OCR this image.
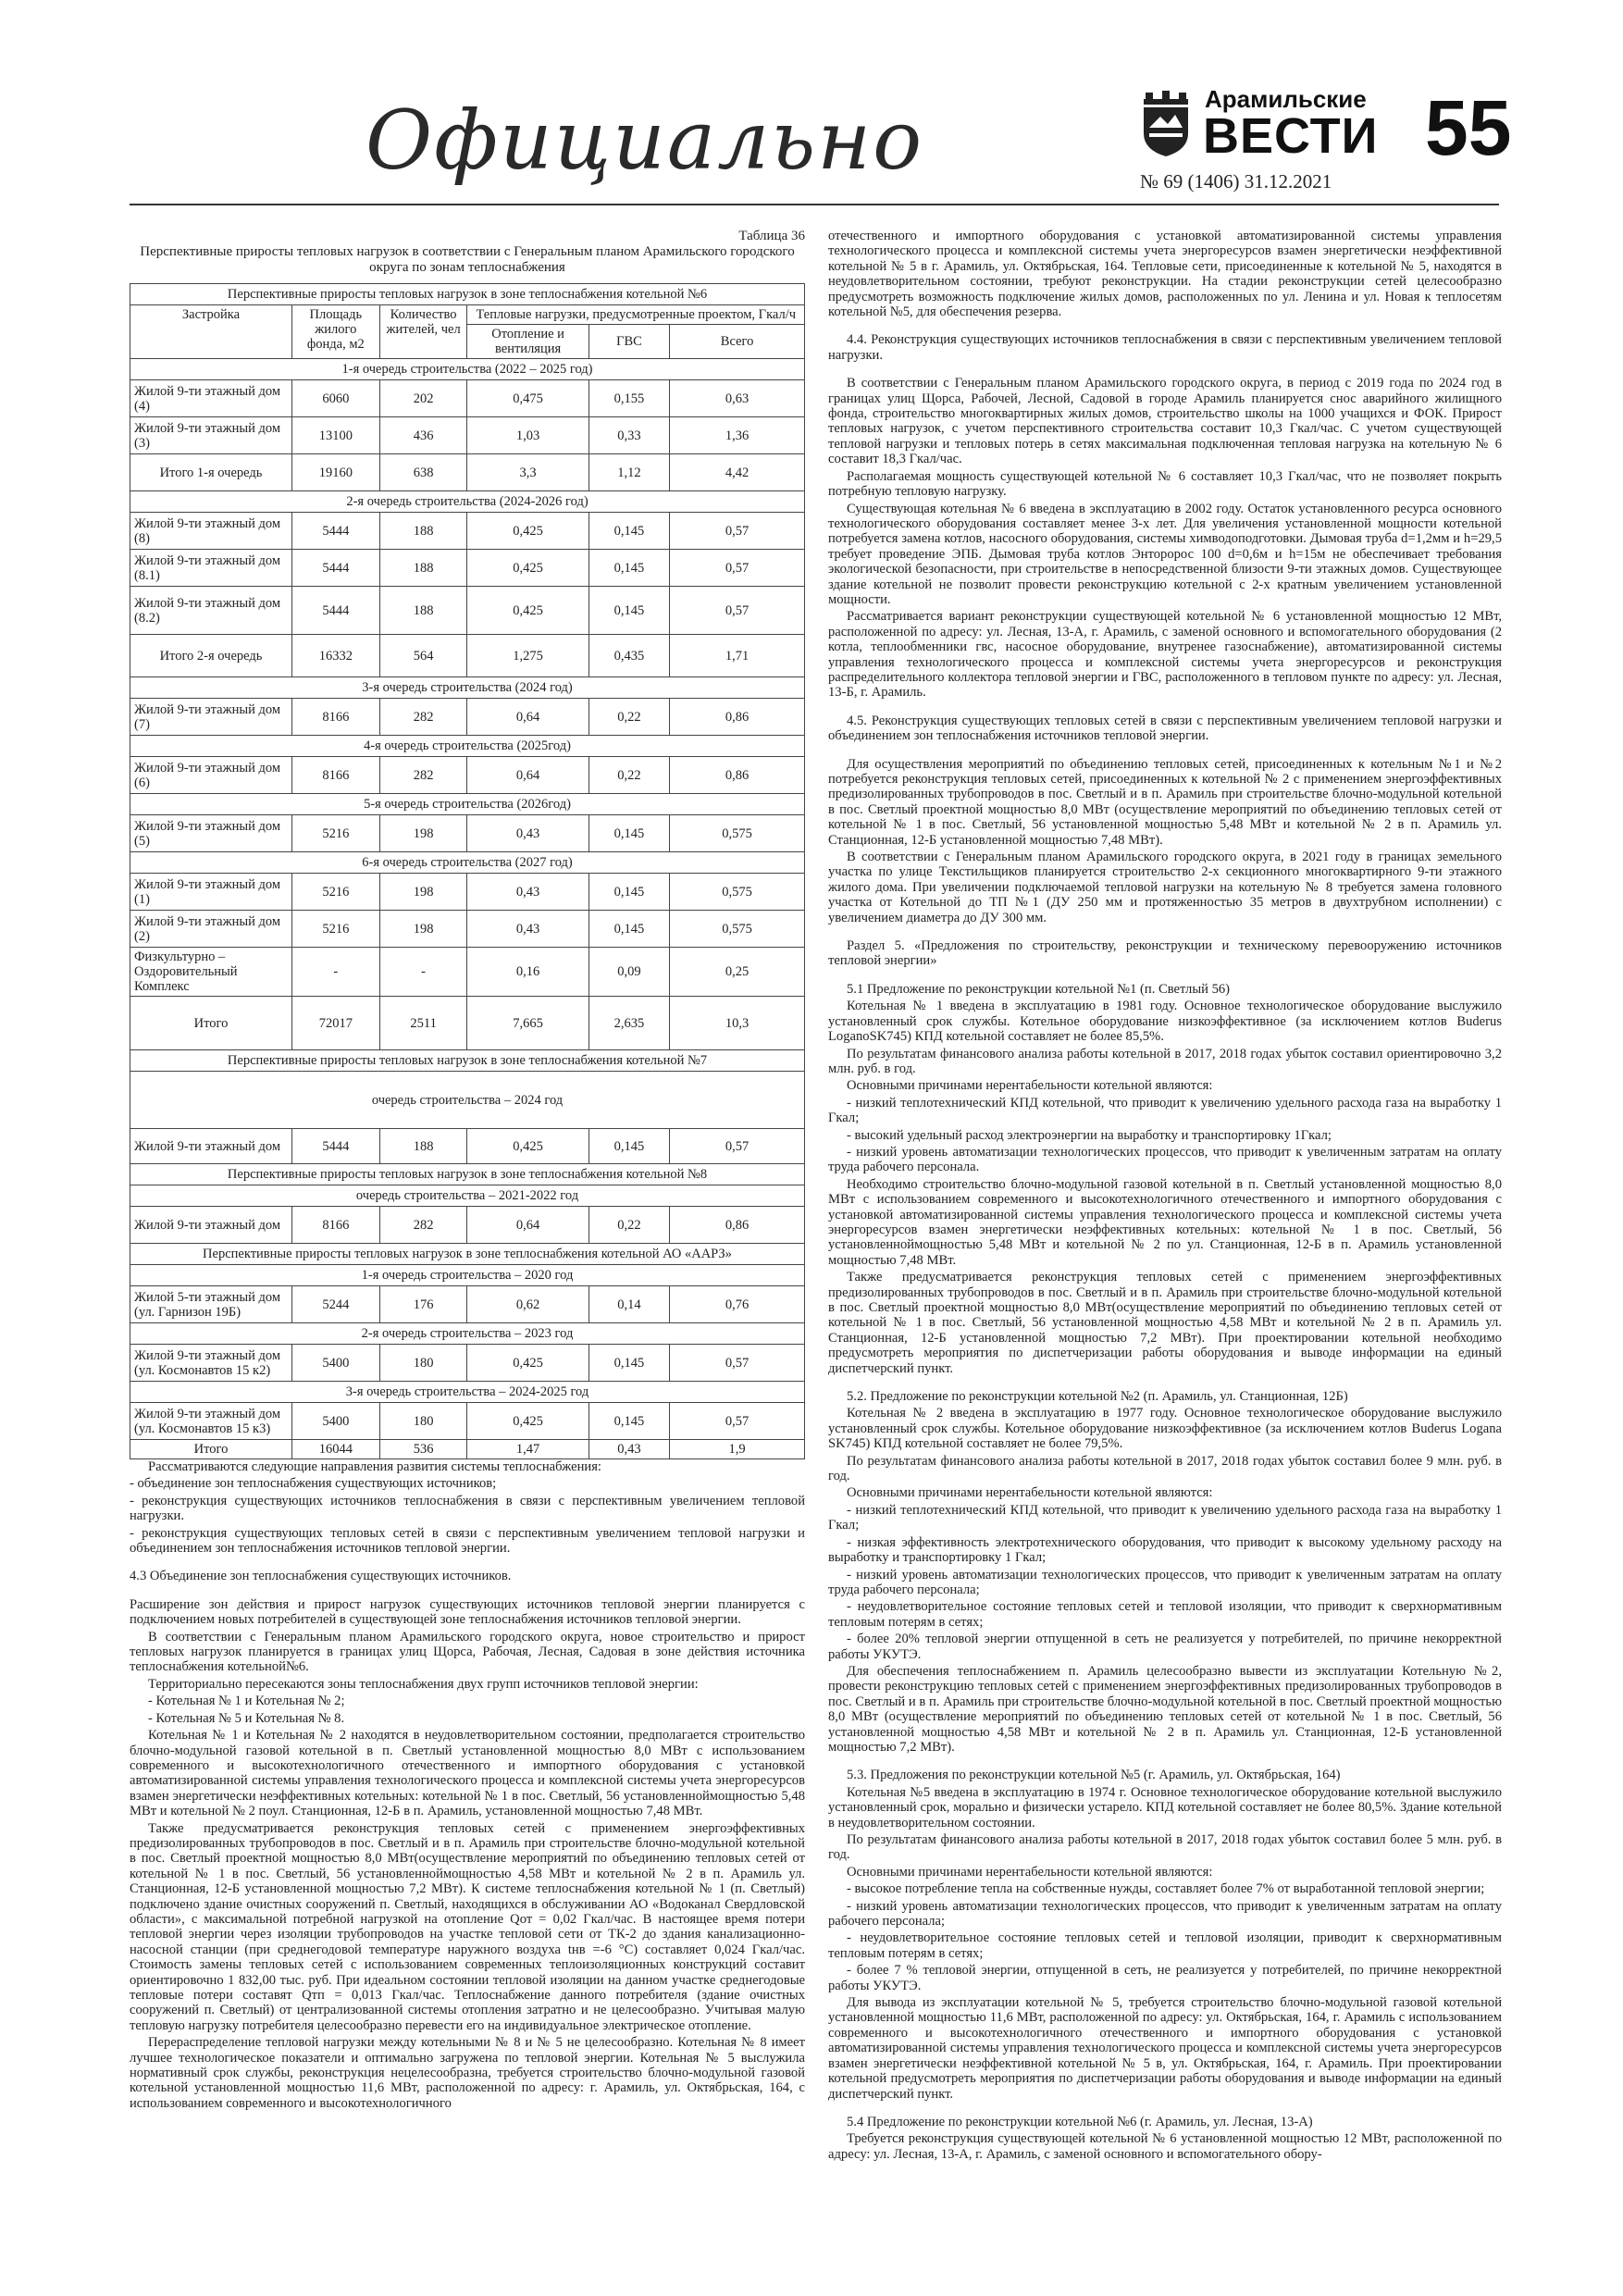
Официально	Арамильские
ВЕСТИ
№ 69 (1406) 31.12.2021
55
Таблица 36
Перспективные приросты тепловых нагрузок в соответствии с Генеральным планом Арамильского городского округа по зонам теплоснабжения
Перспективные приросты тепловых нагрузок в зоне теплоснабжения котельной №6					
Застройка	Площадь жилого фонда, м2	Количество жителей, чел	Тепловые нагрузки, предусмотренные проектом, Гкал/ч		
			Отопление и вентиляция	ГВС	Всего
1-я очередь строительства (2022 – 2025 год)					
Жилой 9-ти этажный дом (4)	6060	202	0,475	0,155	0,63
Жилой 9-ти этажный дом (3)	13100	436	1,03	0,33	1,36
Итого 1-я очередь	19160	638	3,3	1,12	4,42
2-я очередь строительства (2024-2026 год)					
Жилой 9-ти этажный дом (8)	5444	188	0,425	0,145	0,57
Жилой 9-ти этажный дом (8.1)	5444	188	0,425	0,145	0,57
Жилой 9-ти этажный дом (8.2)	5444	188	0,425	0,145	0,57
Итого 2-я очередь	16332	564	1,275	0,435	1,71
3-я очередь строительства (2024 год)					
Жилой 9-ти этажный дом (7)	8166	282	0,64	0,22	0,86
4-я очередь строительства (2025год)					
Жилой 9-ти этажный дом (6)	8166	282	0,64	0,22	0,86
5-я очередь строительства (2026год)					
Жилой 9-ти этажный дом (5)	5216	198	0,43	0,145	0,575
6-я очередь строительства (2027 год)					
Жилой 9-ти этажный дом (1)	5216	198	0,43	0,145	0,575
Жилой 9-ти этажный дом (2)	5216	198	0,43	0,145	0,575
Физкультурно – Оздоровительный Комплекс	-	-	0,16	0,09	0,25
Итого	72017	2511	7,665	2,635	10,3
Перспективные приросты тепловых нагрузок в зоне теплоснабжения котельной №7					
очередь строительства – 2024 год					
Жилой 9-ти этажный дом	5444	188	0,425	0,145	0,57
Перспективные приросты тепловых нагрузок в зоне теплоснабжения котельной №8					
очередь строительства – 2021-2022 год					
Жилой 9-ти этажный дом	8166	282	0,64	0,22	0,86
Перспективные приросты тепловых нагрузок в зоне теплоснабжения котельной АО «ААРЗ»					
1-я очередь строительства – 2020 год					
Жилой 5-ти этажный дом (ул. Гарнизон 19Б)	5244	176	0,62	0,14	0,76
2-я очередь строительства – 2023 год					
Жилой 9-ти этажный дом (ул. Космонавтов 15 к2)	5400	180	0,425	0,145	0,57
3-я очередь строительства – 2024-2025 год					
Жилой 9-ти этажный дом (ул. Космонавтов 15 к3)	5400	180	0,425	0,145	0,57
Итого	16044	536	1,47	0,43	1,9
Рассматриваются следующие направления развития системы теплоснабжения:
- объединение зон теплоснабжения существующих источников;
- реконструкция существующих источников теплоснабжения в связи с перспективным увеличением тепловой нагрузки.
- реконструкция существующих тепловых сетей в связи с перспективным увеличением тепловой нагрузки и объединением зон теплоснабжения источников тепловой энергии.
4.3 Объединение зон теплоснабжения существующих источников.
Расширение зон действия и прирост нагрузок существующих источников тепловой энергии планируется с подключением новых потребителей в существующей зоне теплоснабжения источников тепловой энергии.
В соответствии с Генеральным планом Арамильского городского округа, новое строительство и прирост тепловых нагрузок планируется в границах улиц Щорса, Рабочая, Лесная, Садовая в зоне действия источника теплоснабжения котельной№6.
Территориально пересекаются зоны теплоснабжения двух групп источников тепловой энергии:
- Котельная № 1 и Котельная № 2;
- Котельная № 5 и Котельная № 8.
Котельная № 1 и Котельная № 2 находятся в неудовлетворительном состоянии, предполагается строительство блочно-модульной газовой котельной в п. Светлый установленной мощностью 8,0 МВт с использованием современного и высокотехнологичного отечественного и импортного оборудования с установкой автоматизированной системы управления технологического процесса и комплексной системы учета энергоресурсов взамен энергетически неэффективных котельных: котельной № 1 в пос. Светлый, 56 установленноймощностью 5,48 МВт и котельной № 2 поул. Станционная, 12-Б в п. Арамиль, установленной мощностью 7,48 МВт.
Также предусматривается реконструкция тепловых сетей с применением энергоэффективных предизолированных трубопроводов в пос. Светлый и в п. Арамиль при строительстве блочно-модульной котельной в пос. Светлый проектной мощностью 8,0 МВт(осуществление мероприятий по объединению тепловых сетей от котельной № 1 в пос. Светлый, 56 установленноймощностью 4,58 МВт и котельной № 2 в п. Арамиль ул. Станционная, 12-Б установленной мощностью 7,2 МВт). К системе теплоснабжения котельной № 1 (п. Светлый) подключено здание очистных сооружений п. Светлый, находящихся в обслуживании АО «Водоканал Свердловской области», с максимальной потребной нагрузкой на отопление Qот = 0,02 Гкал/час. В настоящее время потери тепловой энергии через изоляции трубопроводов на участке тепловой сети от ТК-2 до здания канализационно-насосной станции (при среднегодовой температуре наружного воздуха tнв =-6 °С) составляет 0,024 Гкал/час. Стоимость замены тепловых сетей с использованием современных теплоизоляционных конструкций составит ориентировочно 1 832,00 тыс. руб. При идеальном состоянии тепловой изоляции на данном участке среднегодовые тепловые потери составят Qтп = 0,013 Гкал/час. Теплоснабжение данного потребителя (здание очистных сооружений п. Светлый) от централизованной системы отопления затратно и не целесообразно. Учитывая малую тепловую нагрузку потребителя целесообразно перевести его на индивидуальное электрическое отопление.
Перераспределение тепловой нагрузки между котельными № 8 и № 5 не целесообразно. Котельная № 8 имеет лучшее технологическое показатели и оптимально загружена по тепловой энергии. Котельная № 5 выслужила нормативный срок службы, реконструкция нецелесообразна, требуется строительство блочно-модульной газовой котельной установленной мощностью 11,6 МВт, расположенной по адресу: г. Арамиль, ул. Октябрьская, 164, с использованием современного и высокотехнологичного
отечественного и импортного оборудования с установкой автоматизированной системы управления технологического процесса и комплексной системы учета энергоресурсов взамен энергетически неэффективной котельной № 5 в г. Арамиль, ул. Октябрьская, 164. Тепловые сети, присоединенные к котельной № 5, находятся в неудовлетворительном состоянии, требуют реконструкции. На стадии реконструкции сетей целесообразно предусмотреть возможность подключение жилых домов, расположенных по ул. Ленина и ул. Новая к теплосетям котельной №5, для обеспечения резерва.
4.4. Реконструкция существующих источников теплоснабжения в связи с перспективным увеличением тепловой нагрузки.
В соответствии с Генеральным планом Арамильского городского округа, в период с 2019 года по 2024 год в границах улиц Щорса, Рабочей, Лесной, Садовой в городе Арамиль планируется снос аварийного жилищного фонда, строительство многоквартирных жилых домов, строительство школы на 1000 учащихся и ФОК. Прирост тепловых нагрузок, с учетом перспективного строительства составит 10,3 Гкал/час. С учетом существующей тепловой нагрузки и тепловых потерь в сетях максимальная подключенная тепловая нагрузка на котельную № 6 составит 18,3 Гкал/час.
Располагаемая мощность существующей котельной № 6 составляет 10,3 Гкал/час, что не позволяет покрыть потребную тепловую нагрузку.
Существующая котельная № 6 введена в эксплуатацию в 2002 году. Остаток установленного ресурса основного технологического оборудования составляет менее 3-х лет. Для увеличения установленной мощности котельной потребуется замена котлов, насосного оборудования, системы химводоподготовки. Дымовая труба d=1,2мм и h=29,5 требует проведение ЭПБ. Дымовая труба котлов Энторорос 100 d=0,6м и h=15м не обеспечивает требования экологической безопасности, при строительстве в непосредственной близости 9-ти этажных домов. Существующее здание котельной не позволит провести реконструкцию котельной с 2-х кратным увеличением установленной мощности.
Рассматривается вариант реконструкции существующей котельной № 6 установленной мощностью 12 МВт, расположенной по адресу: ул. Лесная, 13-А, г. Арамиль, с заменой основного и вспомогательного оборудования (2 котла, теплообменники гвс, насосное оборудование, внутренее газоснабжение), автоматизированной системы управления технологического процесса и комплексной системы учета энергоресурсов и реконструкция распределительного коллектора тепловой энергии и ГВС, расположенного в тепловом пункте по адресу: ул. Лесная, 13-Б, г. Арамиль.
4.5. Реконструкция существующих тепловых сетей в связи с перспективным увеличением тепловой нагрузки и объединением зон теплоснабжения источников тепловой энергии.
Для осуществления мероприятий по объединению тепловых сетей, присоединенных к котельным №1 и №2 потребуется реконструкция тепловых сетей, присоединенных к котельной № 2 с применением энергоэффективных предизолированных трубопроводов в пос. Светлый и в п. Арамиль при строительстве блочно-модульной котельной в пос. Светлый проектной мощностью 8,0 МВт (осуществление мероприятий по объединению тепловых сетей от котельной № 1 в пос. Светлый, 56 установленной мощностью 5,48 МВт и котельной № 2 в п. Арамиль ул. Станционная, 12-Б установленной мощностью 7,48 МВт).
В соответствии с Генеральным планом Арамильского городского округа, в 2021 году в границах земельного участка по улице Текстильщиков планируется строительство 2-х секционного многоквартирного 9-ти этажного жилого дома. При увеличении подключаемой тепловой нагрузки на котельную № 8 требуется замена головного участка от Котельной до ТП №1 (ДУ 250 мм и протяженностью 35 метров в двухтрубном исполнении) с увеличением диаметра до ДУ 300 мм.
Раздел 5. «Предложения по строительству, реконструкции и техническому перевооружению источников тепловой энергии»
5.1 Предложение по реконструкции котельной №1 (п. Светлый 56)
Котельная № 1 введена в эксплуатацию в 1981 году. Основное технологическое оборудование выслужило установленный срок службы. Котельное оборудование низкоэффективное (за исключением котлов Buderus LoganoSK745) КПД котельной составляет не более 85,5%.
По результатам финансового анализа работы котельной в 2017, 2018 годах убыток составил ориентировочно 3,2 млн. руб. в год.
Основными причинами нерентабельности котельной являются:
- низкий теплотехнический КПД котельной, что приводит к увеличению удельного расхода газа на выработку 1 Гкал;
- высокий удельный расход электроэнергии на выработку и транспортировку 1Гкал;
- низкий уровень автоматизации технологических процессов, что приводит к увеличенным затратам на оплату труда рабочего персонала.
Необходимо строительство блочно-модульной газовой котельной в п. Светлый установленной мощностью 8,0 МВт с использованием современного и высокотехнологичного отечественного и импортного оборудования с установкой автоматизированной системы управления технологического процесса и комплексной системы учета энергоресурсов взамен энергетически неэффективных котельных: котельной № 1 в пос. Светлый, 56 установленноймощностью 5,48 МВт и котельной № 2 по ул. Станционная, 12-Б в п. Арамиль установленной мощностью 7,48 МВт.
Также предусматривается реконструкция тепловых сетей с применением энергоэффективных предизолированных трубопроводов в пос. Светлый и в п. Арамиль при строительстве блочно-модульной котельной в пос. Светлый проектной мощностью 8,0 МВт(осуществление мероприятий по объединению тепловых сетей от котельной № 1 в пос. Светлый, 56 установленной мощностью 4,58 МВт и котельной № 2 в п. Арамиль ул. Станционная, 12-Б установленной мощностью 7,2 МВт). При проектировании котельной необходимо предусмотреть мероприятия по диспетчеризации работы оборудования и выводе информации на единый диспетчерский пункт.
5.2. Предложение по реконструкции котельной №2 (п. Арамиль, ул. Станционная, 12Б)
Котельная № 2 введена в эксплуатацию в 1977 году. Основное технологическое оборудование выслужило установленный срок службы. Котельное оборудование низкоэффективное (за исключением котлов Buderus Logana SK745) КПД котельной составляет не более 79,5%.
По результатам финансового анализа работы котельной в 2017, 2018 годах убыток составил более 9 млн. руб. в год.
Основными причинами нерентабельности котельной являются:
- низкий теплотехнический КПД котельной, что приводит к увеличению удельного расхода газа на выработку 1 Гкал;
- низкая эффективность электротехнического оборудования, что приводит к высокому удельному расходу на выработку и транспортировку 1 Гкал;
- низкий уровень автоматизации технологических процессов, что приводит к увеличенным затратам на оплату труда рабочего персонала;
- неудовлетворительное состояние тепловых сетей и тепловой изоляции, что приводит к сверхнормативным тепловым потерям в сетях;
- более 20% тепловой энергии отпущенной в сеть не реализуется у потребителей, по причине некорректной работы УКУТЭ.
Для обеспечения теплоснабжением п. Арамиль целесообразно вывести из эксплуатации Котельную №2, провести реконструкцию тепловых сетей с применением энергоэффективных предизолированных трубопроводов в пос. Светлый и в п. Арамиль при строительстве блочно-модульной котельной в пос. Светлый проектной мощностью 8,0 МВт (осуществление мероприятий по объединению тепловых сетей от котельной № 1 в пос. Светлый, 56 установленной мощностью 4,58 МВт и котельной № 2 в п. Арамиль ул. Станционная, 12-Б установленной мощностью 7,2 МВт).
5.3. Предложения по реконструкции котельной №5 (г. Арамиль, ул. Октябрьская, 164)
Котельная №5 введена в эксплуатацию в 1974 г. Основное технологическое оборудование котельной выслужило установленный срок, морально и физически устарело. КПД котельной составляет не более 80,5%. Здание котельной в неудовлетворительном состоянии.
По результатам финансового анализа работы котельной в 2017, 2018 годах убыток составил более 5 млн. руб. в год.
Основными причинами нерентабельности котельной являются:
- высокое потребление тепла на собственные нужды, составляет более 7% от выработанной тепловой энергии;
- низкий уровень автоматизации технологических процессов, что приводит к увеличенным затратам на оплату рабочего персонала;
- неудовлетворительное состояние тепловых сетей и тепловой изоляции, приводит к сверхнормативным тепловым потерям в сетях;
- более 7 % тепловой энергии, отпущенной в сеть, не реализуется у потребителей, по причине некорректной работы УКУТЭ.
Для вывода из эксплуатации котельной № 5, требуется строительство блочно-модульной газовой котельной установленной мощностью 11,6 МВт, расположенной по адресу: ул. Октябрьская, 164, г. Арамиль с использованием современного и высокотехнологичного отечественного и импортного оборудования с установкой автоматизированной системы управления технологического процесса и комплексной системы учета энергоресурсов взамен энергетически неэффективной котельной № 5 в, ул. Октябрьская, 164, г. Арамиль. При проектировании котельной предусмотреть мероприятия по диспетчеризации работы оборудования и выводе информации на единый диспетчерский пункт.
5.4 Предложение по реконструкции котельной №6 (г. Арамиль, ул. Лесная, 13-А)
Требуется реконструкция существующей котельной № 6 установленной мощностью 12 МВт, расположенной по адресу: ул. Лесная, 13-А, г. Арамиль, с заменой основного и вспомогательного обору-
